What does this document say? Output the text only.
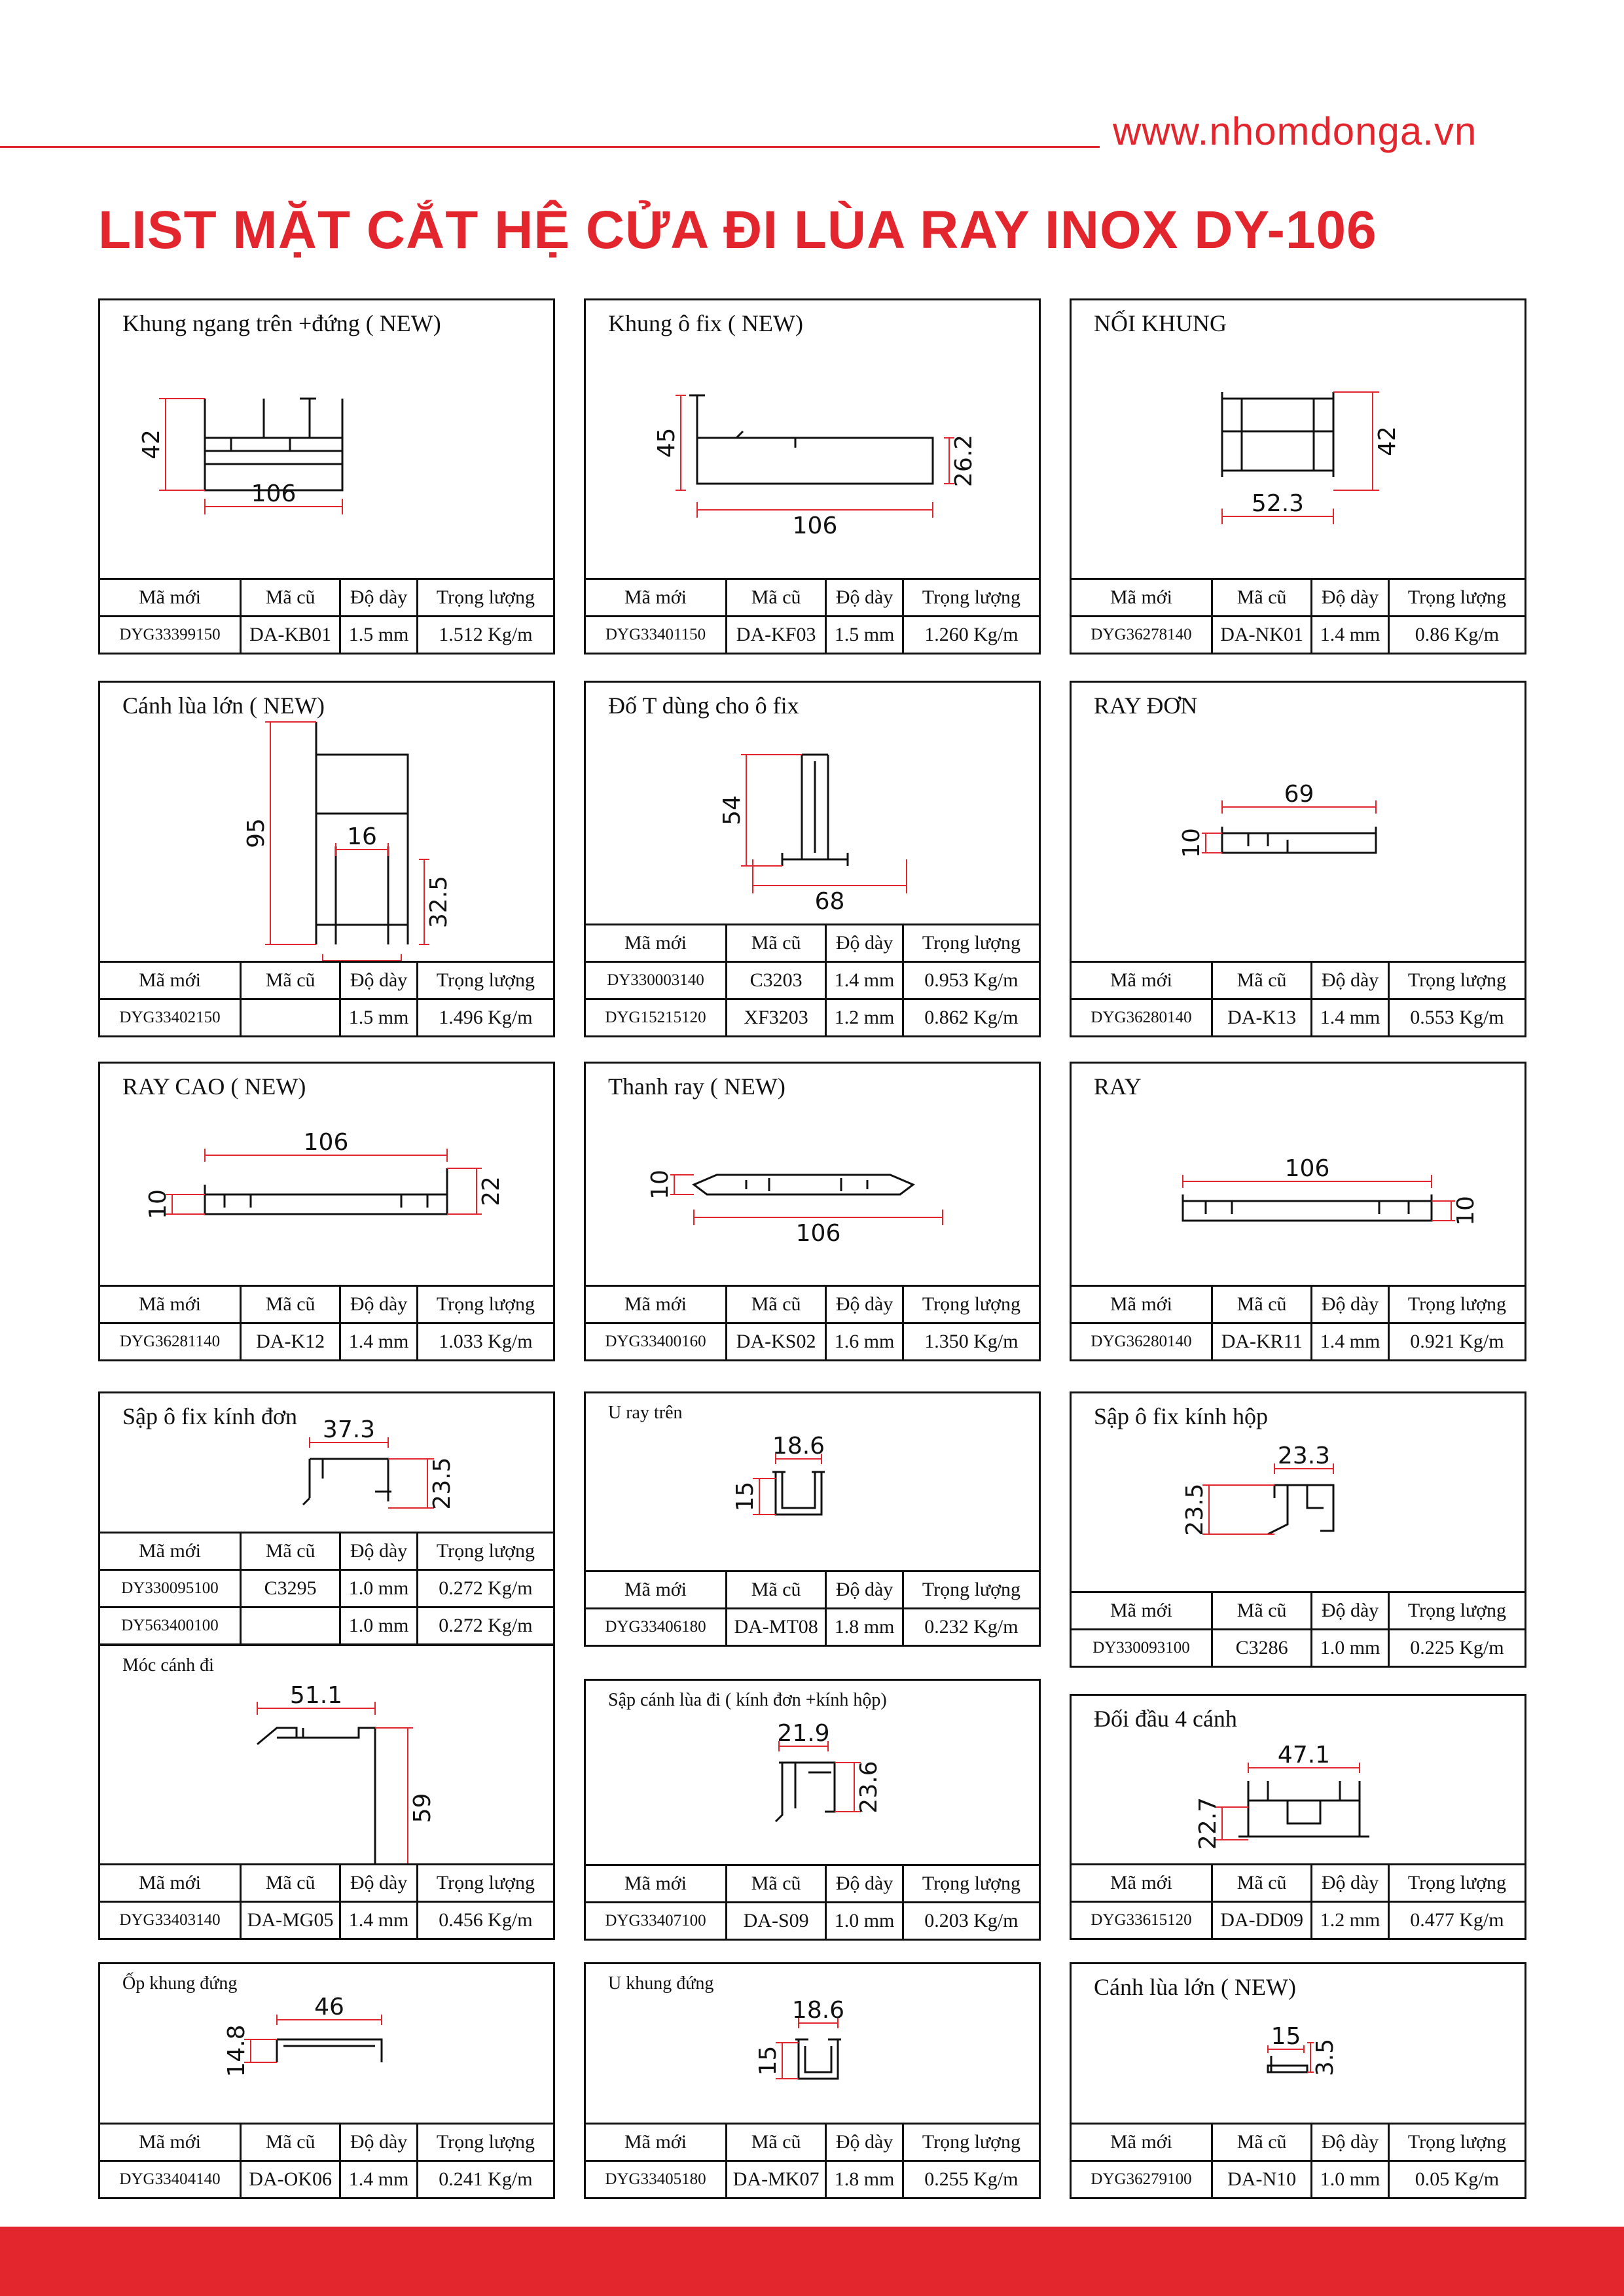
www.nhomdonga.vn
LIST MẶT CẮT HỆ CỬA ĐI LÙA RAY INOX DY-106
Khung ngang trên +đứng ( NEW)
42
106
Mã mới	Mã cũ	Độ dày	Trọng lượng
DYG33399150	DA-KB01	1.5 mm	1.512 Kg/m
Khung ô fix ( NEW)
45
106
26.2
Mã mới	Mã cũ	Độ dày	Trọng lượng
DYG33401150	DA-KF03	1.5 mm	1.260 Kg/m
NỐI KHUNG
42
52.3
Mã mới	Mã cũ	Độ dày	Trọng lượng
DYG36278140	DA-NK01	1.4 mm	0.86 Kg/m
Cánh lùa lớn ( NEW)
95	16
32.5
Mã mới	Mã cũ	Độ dày	Trọng lượng
DYG33402150		1.5 mm	1.496 Kg/m
Đố T dùng cho ô fix
54
68
Mã mới	Mã cũ	Độ dày	Trọng lượng
DY330003140	C3203	1.4 mm	0.953 Kg/m
DYG15215120	XF3203	1.2 mm	0.862 Kg/m
RAY ĐƠN
69
10
Mã mới	Mã cũ	Độ dày	Trọng lượng
DYG36280140	DA-K13	1.4 mm	0.553 Kg/m
RAY CAO ( NEW)
106
10	22
Mã mới	Mã cũ	Độ dày	Trọng lượng
DYG36281140	DA-K12	1.4 mm	1.033 Kg/m
Thanh ray ( NEW)
10
106
Mã mới	Mã cũ	Độ dày	Trọng lượng
DYG33400160	DA-KS02	1.6 mm	1.350 Kg/m
RAY
106
10
Mã mới	Mã cũ	Độ dày	Trọng lượng
DYG36280140	DA-KR11	1.4 mm	0.921 Kg/m
Sập ô fix kính đơn 37.3
23.5
Mã mới	Mã cũ	Độ dày	Trọng lượng
DY330095100	C3295	1.0 mm	0.272 Kg/m
DY563400100		1.0 mm	0.272 Kg/m
U ray trên
18.6
15
Mã mới	Mã cũ	Độ dày	Trọng lượng
DYG33406180	DA-MT08	1.8 mm	0.232 Kg/m
Sập ô fix kính hộp
23.3
23.5
Mã mới	Mã cũ	Độ dày	Trọng lượng
DY330093100	C3286	1.0 mm	0.225 Kg/m
Móc cánh đi
51.1
59
Mã mới	Mã cũ	Độ dày	Trọng lượng
DYG33403140	DA-MG05	1.4 mm	0.456 Kg/m
Sập cánh lùa đi ( kính đơn +kính hộp)
21.9
23.6
Mã mới	Mã cũ	Độ dày	Trọng lượng
DYG33407100	DA-S09	1.0 mm	0.203 Kg/m
Đối đầu 4 cánh
47.1
22.7
Mã mới	Mã cũ	Độ dày	Trọng lượng
DYG33615120	DA-DD09	1.2 mm	0.477 Kg/m
Ốp khung đứng
46
14.8
Mã mới	Mã cũ	Độ dày	Trọng lượng
DYG33404140	DA-OK06	1.4 mm	0.241 Kg/m
U khung đứng
18.6
15
Mã mới	Mã cũ	Độ dày	Trọng lượng
DYG33405180	DA-MK07	1.8 mm	0.255 Kg/m
Cánh lùa lớn ( NEW)
15
3.5
Mã mới	Mã cũ	Độ dày	Trọng lượng
DYG36279100	DA-N10	1.0 mm	0.05 Kg/m
